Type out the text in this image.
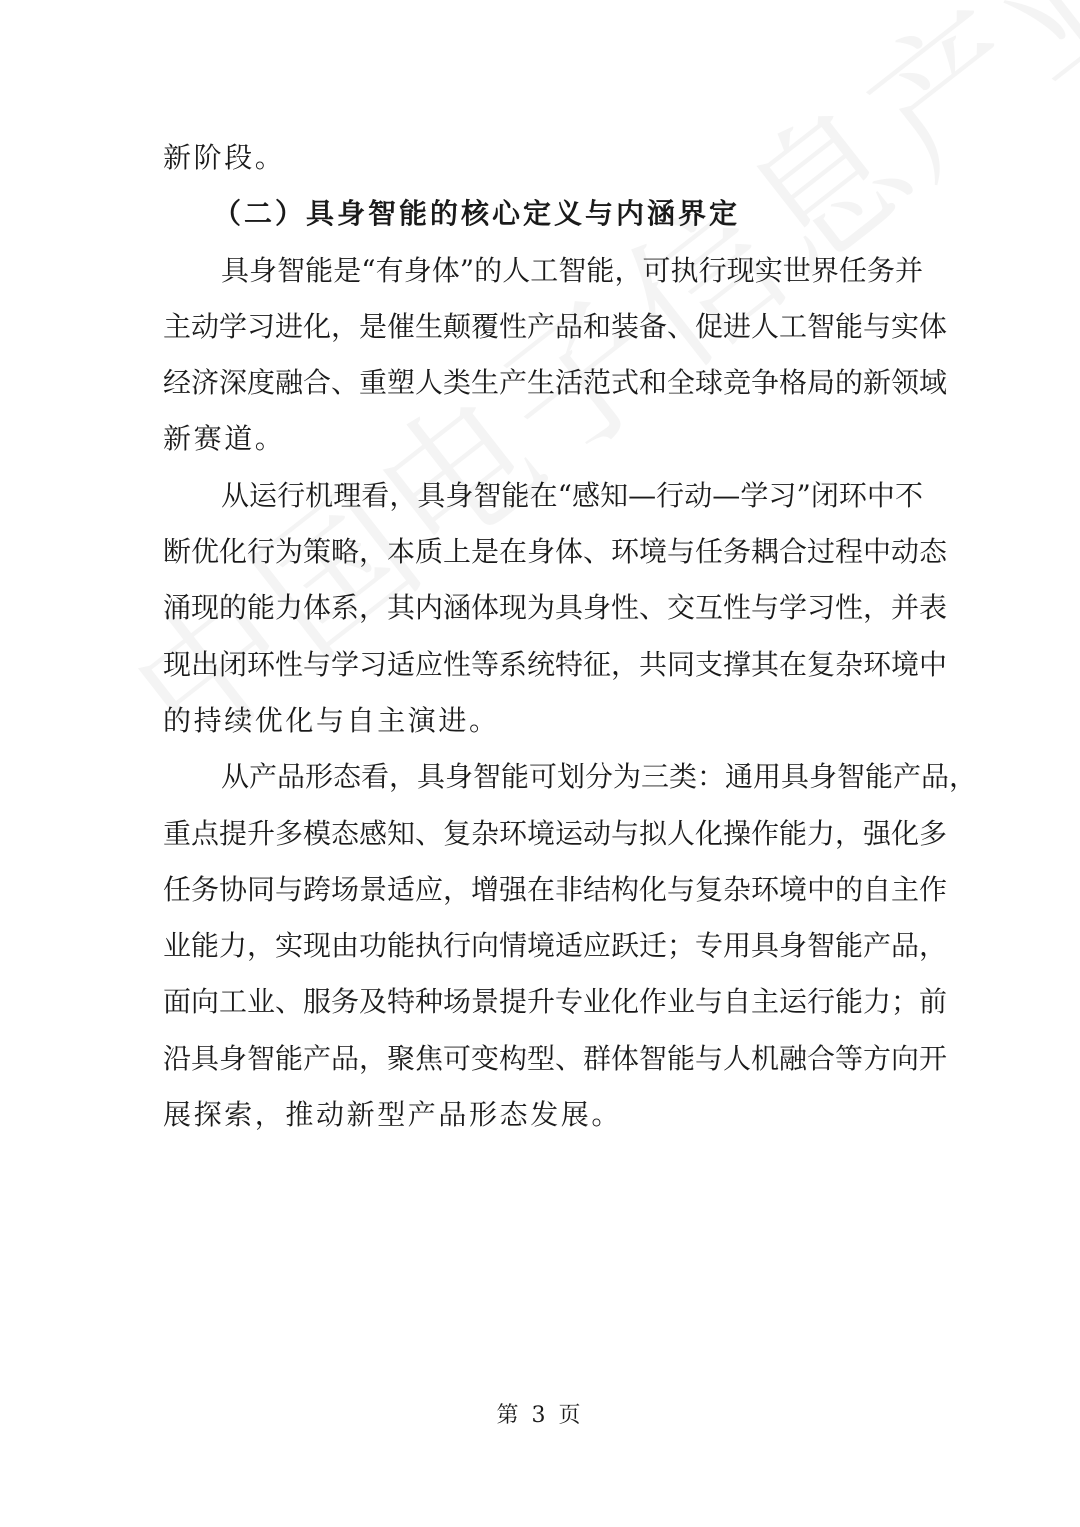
新阶段。
（二）具身智能的核心定义与内涵界定
具身智能是“有身体”的人工智能，可执行现实世界任务并
主动学习进化，是催生颠覆性产品和装备、促进人工智能与实体
经济深度融合、重塑人类生产生活范式和全球竞争格局的新领域
新赛道。
从运行机理看，具身智能在“感知—行动—学习”闭环中不
断优化行为策略，本质上是在身体、环境与任务耦合过程中动态
涌现的能力体系，其内涵体现为具身性、交互性与学习性，并表
现出闭环性与学习适应性等系统特征，共同支撑其在复杂环境中
的持续优化与自主演进。
从产品形态看，具身智能可划分为三类：通用具身智能产品，
重点提升多模态感知、复杂环境运动与拟人化操作能力，强化多
任务协同与跨场景适应，增强在非结构化与复杂环境中的自主作
业能力，实现由功能执行向情境适应跃迁；专用具身智能产品，
面向工业、服务及特种场景提升专业化作业与自主运行能力；前
沿具身智能产品，聚焦可变构型、群体智能与人机融合等方向开
展探索，推动新型产品形态发展。
第 3 页
